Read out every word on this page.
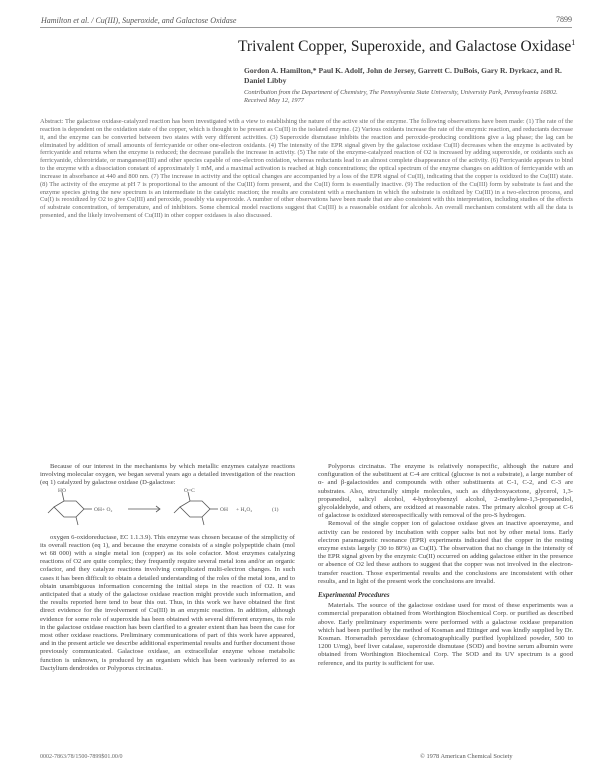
Hamilton et al. / Cu(III), Superoxide, and Galactose Oxidase	7899
Trivalent Copper, Superoxide, and Galactose Oxidase$^1$
Gordon A. Hamilton,* Paul K. Adolf, John de Jersey, Garrett C. DuBois, Gary R. Dyrkacz, and R. Daniel Libby
Contribution from the Department of Chemistry, The Pennsylvania State University, University Park, Pennsylvania 16802. Received May 12, 1977
Abstract: The galactose oxidase-catalyzed reaction has been investigated with a view to establishing the nature of the active site of the enzyme. The following observations have been made: (1) The rate of the reaction is dependent on the oxidation state of the copper, which is thought to be present as Cu(II) in the isolated enzyme. (2) Various oxidants increase the rate of the enzymic reaction, and reductants decrease it, and the enzyme can be converted between two states with very different activities. (3) Superoxide dismutase inhibits the reaction and peroxide-producing conditions give a lag phase; the lag can be eliminated by addition of small amounts of ferricyanide or other one-electron oxidants. (4) The intensity of the EPR signal given by the galactose oxidase Cu(II) decreases when the enzyme is activated by ferricyanide and returns when the enzyme is reduced; the decrease parallels the increase in activity. (5) The rate of the enzyme-catalyzed reaction of O2 is increased by adding superoxide, or oxidants such as ferricyanide, chloroiridate, or manganese(III) and other species capable of one-electron oxidation, whereas reductants lead to an almost complete disappearance of the activity. (6) Ferricyanide appears to bind to the enzyme with a dissociation constant of approximately 1 mM, and a maximal activation is reached at high concentrations; the optical spectrum of the enzyme changes on addition of ferricyanide with an increase in absorbance at 440 and 800 nm. (7) The increase in activity and the optical changes are accompanied by a loss of the EPR signal of Cu(II), indicating that the copper is oxidized to the Cu(III) state. (8) The activity of the enzyme at pH 7 is proportional to the amount of the Cu(III) form present, and the Cu(II) form is essentially inactive. (9) The reduction of the Cu(III) form by substrate is fast and the enzyme species giving the new spectrum is an intermediate in the catalytic reaction; the results are consistent with a mechanism in which the substrate is oxidized by Cu(III) in a two-electron process, and Cu(I) is reoxidized by O2 to give Cu(III) and peroxide, possibly via superoxide. A number of other observations have been made that are also consistent with this interpretation, including studies of the effects of substrate concentration, of temperature, and of inhibitors. Some chemical model reactions suggest that Cu(III) is a reasonable oxidant for alcohols. An overall mechanism consistent with all the data is presented, and the likely involvement of Cu(III) in other copper oxidases is also discussed.

Because of our interest in the mechanisms by which metallic enzymes catalyze reactions involving molecular oxygen, we began several years ago a detailed investigation of the reaction (eq 1) catalyzed by galactose oxidase (D-galactose:

oxygen 6-oxidoreductase, EC 1.1.3.9). This enzyme was chosen because of the simplicity of its overall reaction (eq 1), and because the enzyme consists of a single polypeptide chain (mol wt 68 000) with a single metal ion (copper) as its sole cofactor. Most enzymes catalyzing reactions of O2 are quite complex; they frequently require several metal ions and/or an organic cofactor, and they catalyze reactions involving complicated multi-electron changes. In such cases it has been difficult to obtain a detailed understanding of the roles of the metal ions, and to obtain unambiguous information concerning the initial steps in the reaction of O2. It was anticipated that a study of the galactose oxidase reaction might provide such information, and the results reported here tend to bear this out. Thus, in this work we have obtained the first direct evidence for the involvement of Cu(III) in an enzymic reaction. In addition, although evidence for some role of superoxide has been obtained with several different enzymes, its role in the galactose oxidase reaction has been clarified to a greater extent than has been the case for most other oxidase reactions. Preliminary communications of part of this work have appeared, and in the present article we describe additional experimental results and further document those previously communicated. Galactose oxidase, an extracellular enzyme whose metabolic function is unknown, is produced by an organism which has been variously referred to as Dactylium dendroides or Polyporus circinatus.

HO
OH + O₂
O=C
OH + H₂O₂	(1)

Polyporus circinatus. The enzyme is relatively nonspecific, although the nature and configuration of the substituent at C-4 are critical (glucose is not a substrate), a large number of α- and β-galactosides and compounds with other substituents at C-1, C-2, and C-3 are substrates. Also, structurally simple molecules, such as dihydroxyacetone, glycerol, 1,3-propanediol, salicyl alcohol, 4-hydroxybenzyl alcohol, 2-methylene-1,3-propanediol, glycolaldehyde, and others, are oxidized at reasonable rates. The primary alcohol group at C-6 of galactose is oxidized stereospecifically with removal of the pro-S hydrogen.

Removal of the single copper ion of galactose oxidase gives an inactive apoenzyme, and activity can be restored by incubation with copper salts but not by other metal ions. Early electron paramagnetic resonance (EPR) experiments indicated that the copper in the resting enzyme exists largely (30 to 80%) as Cu(II). The observation that no change in the intensity of the EPR signal given by the enzymic Cu(II) occurred on adding galactose either in the presence or absence of O2 led these authors to suggest that the copper was not involved in the electron-transfer reaction. Those experimental results and the conclusions are inconsistent with other results, and in light of the present work the conclusions are invalid.

Experimental Procedures

Materials. The source of the galactose oxidase used for most of these experiments was a commercial preparation obtained from Worthington Biochemical Corp. or purified as described above. Early preliminary experiments were performed with a galactose oxidase preparation which had been purified by the method of Kosman and Ettinger and was kindly supplied by Dr. Kosman. Horseradish peroxidase (chromatographically purified lyophilized powder, 500 to 1200 U/mg), beef liver catalase, superoxide dismutase (SOD) and bovine serum albumin were obtained from Worthington Biochemical Corp. The SOD and its UV spectrum is a good reference, and its purity is sufficient for use.

0002-7863/78/1500-7899$01.00/0	© 1978 American Chemical Society
